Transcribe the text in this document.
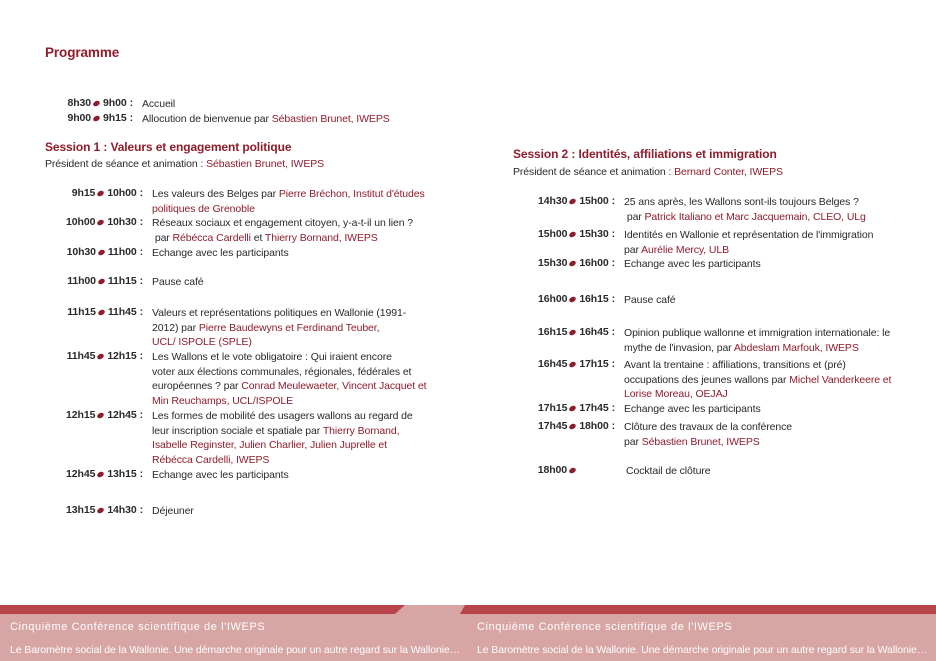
Programme
8h30 9h00 : Accueil
9h00 9h15 : Allocution de bienvenue par Sébastien Brunet, IWEPS
Session 1 : Valeurs et engagement politique
Président de séance et animation : Sébastien Brunet, IWEPS
9h15 10h00 : Les valeurs des Belges par Pierre Bréchon, Institut d'études
politiques de Grenoble
10h00 10h30 : Réseaux sociaux et engagement citoyen, y-a-t-il un lien ?
par Rébécca Cardelli et Thierry Bornand, IWEPS
10h30 11h00 : Echange avec les participants
11h00 11h15 : Pause café
11h15 11h45 : Valeurs et représentations politiques en Wallonie (1991-
2012) par Pierre Baudewyns et Ferdinand Teuber,
UCL/ ISPOLE (SPLE)
11h45 12h15 : Les Wallons et le vote obligatoire : Qui iraient encore
voter aux élections communales, régionales, fédérales et
européennes ? par Conrad Meulewaeter, Vincent Jacquet et
Min Reuchamps, UCL/ISPOLE
12h15 12h45 : Les formes de mobilité des usagers wallons au regard de
leur inscription sociale et spatiale par Thierry Bornand,
Isabelle Reginster, Julien Charlier, Julien Juprelle et
Rébécca Cardelli, IWEPS
12h45 13h15 : Echange avec les participants
13h15 14h30 : Déjeuner
Session 2 : Identités, affiliations et immigration
Président de séance et animation : Bernard Conter, IWEPS
14h30 15h00 : 25 ans après, les Wallons sont-ils toujours Belges ?
par Patrick Italiano et Marc Jacquemain, CLEO, ULg
15h00 15h30 : Identités en Wallonie et représentation de l'immigration
par Aurélie Mercy, ULB
15h30 16h00 : Echange avec les participants
16h00 16h15 : Pause café
16h15 16h45 : Opinion publique wallonne et immigration internationale: le
mythe de l'invasion, par Abdeslam Marfouk, IWEPS
16h45 17h15 : Avant la trentaine : affiliations, transitions et (pré)
occupations des jeunes wallons par Michel Vanderkeere et
Lorise Moreau, OEJAJ
17h15 17h45 : Echange avec les participants
17h45 18h00 : Clôture des travaux de la conférence
par Sébastien Brunet, IWEPS
18h00	Cocktail de clôture
Cinquième Conférence scientifique de l'IWEPS
Le Baromètre social de la Wallonie. Une démarche originale pour un autre regard sur la Wallonie…
Cinquième Conférence scientifique de l'IWEPS
Le Baromètre social de la Wallonie. Une démarche originale pour un autre regard sur la Wallonie…
